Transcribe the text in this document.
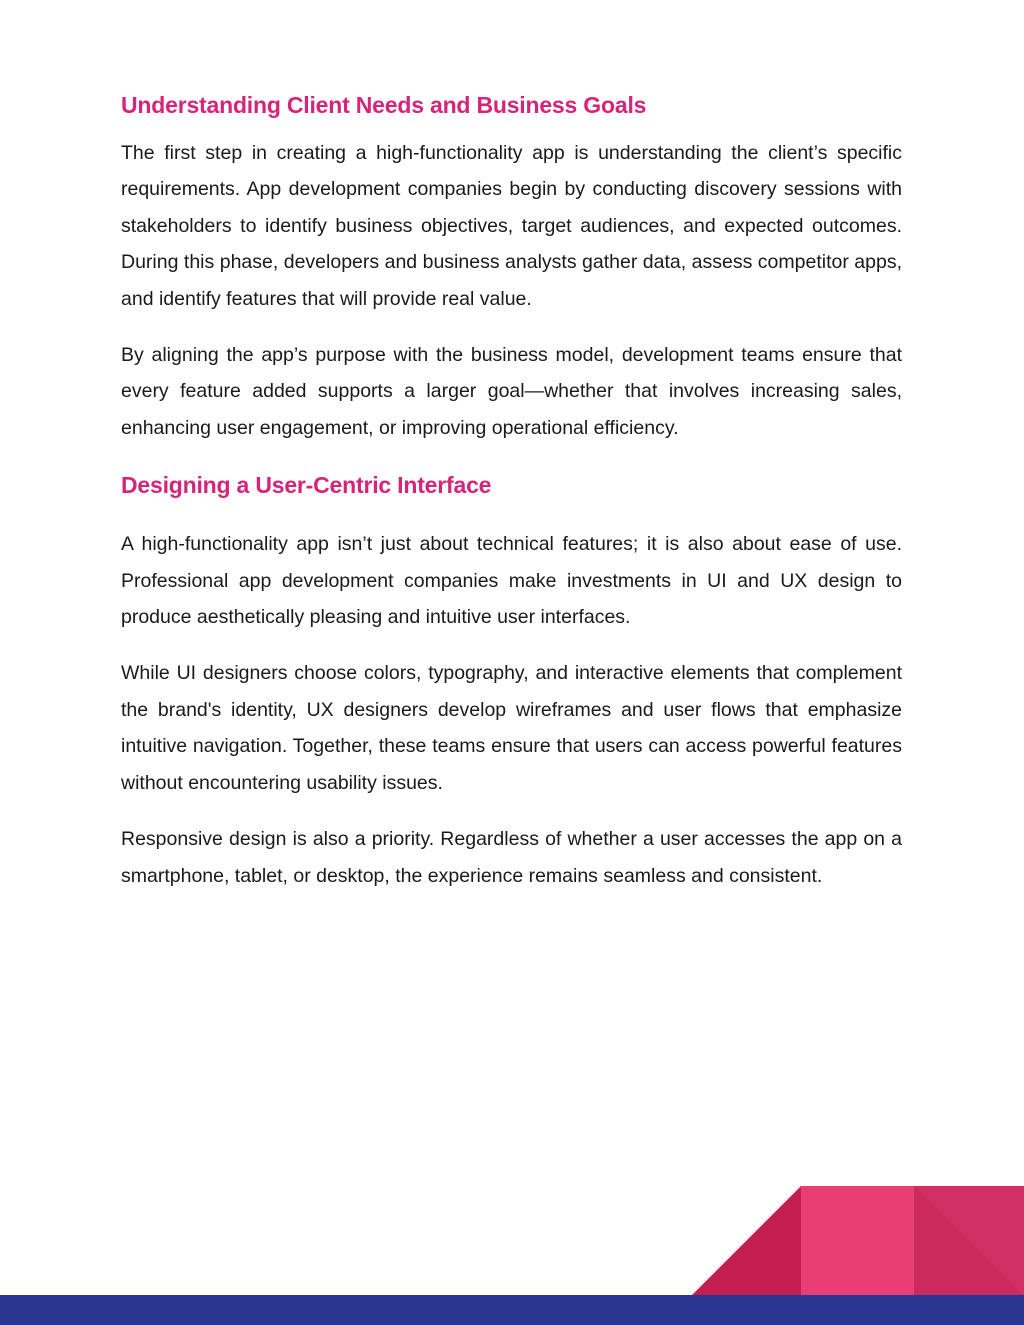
Understanding Client Needs and Business Goals

The first step in creating a high-functionality app is understanding the client’s specific requirements. App development companies begin by conducting discovery sessions with stakeholders to identify business objectives, target audiences, and expected outcomes. During this phase, developers and business analysts gather data, assess competitor apps, and identify features that will provide real value.

By aligning the app’s purpose with the business model, development teams ensure that every feature added supports a larger goal—whether that involves increasing sales, enhancing user engagement, or improving operational efficiency.

Designing a User-Centric Interface

A high-functionality app isn’t just about technical features; it is also about ease of use. Professional app development companies make investments in UI and UX design to produce aesthetically pleasing and intuitive user interfaces.

While UI designers choose colors, typography, and interactive elements that complement the brand's identity, UX designers develop wireframes and user flows that emphasize intuitive navigation. Together, these teams ensure that users can access powerful features without encountering usability issues.

Responsive design is also a priority. Regardless of whether a user accesses the app on a smartphone, tablet, or desktop, the experience remains seamless and consistent.
